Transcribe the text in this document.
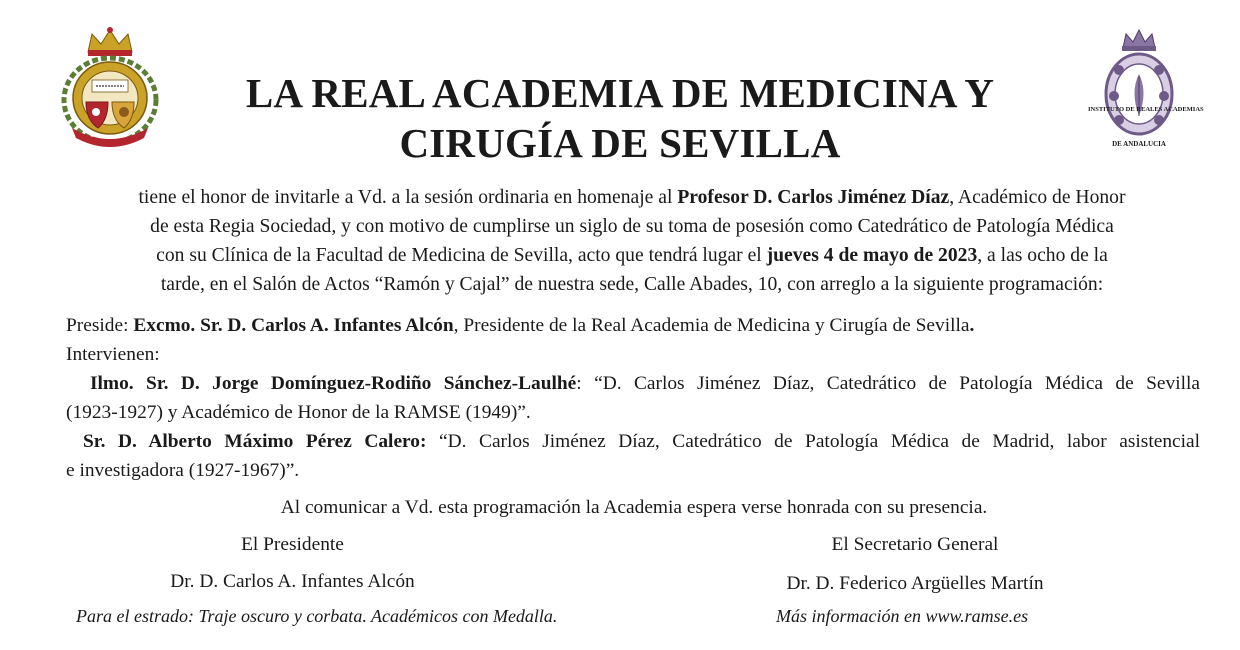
LA REAL ACADEMIA DE MEDICINA Y
CIRUGÍA DE SEVILLA
INSTITUTO DE REALES ACADEMIAS
DE ANDALUCIA
tiene el honor de invitarle a Vd. a la sesión ordinaria en homenaje al Profesor D. Carlos Jiménez Díaz, Académico de Honor
de esta Regia Sociedad, y con motivo de cumplirse un siglo de su toma de posesión como Catedrático de Patología Médica
con su Clínica de la Facultad de Medicina de Sevilla, acto que tendrá lugar el jueves 4 de mayo de 2023, a las ocho de la
tarde, en el Salón de Actos “Ramón y Cajal” de nuestra sede, Calle Abades, 10, con arreglo a la siguiente programación:
Preside: Excmo. Sr. D. Carlos A. Infantes Alcón, Presidente de la Real Academia de Medicina y Cirugía de Sevilla.
Intervienen:
Ilmo. Sr. D. Jorge Domínguez-Rodiño Sánchez-Laulhé: “D. Carlos Jiménez Díaz, Catedrático de Patología Médica de Sevilla
(1923-1927) y Académico de Honor de la RAMSE (1949)”.
Sr. D. Alberto Máximo Pérez Calero: “D. Carlos Jiménez Díaz, Catedrático de Patología Médica de Madrid, labor asistencial
e investigadora (1927-1967)”.
Al comunicar a Vd. esta programación la Academia espera verse honrada con su presencia.
El Presidente
Dr. D. Carlos A. Infantes Alcón
El Secretario General
Dr. D. Federico Argüelles Martín
Para el estrado: Traje oscuro y corbata. Académicos con Medalla.	Más información en www.ramse.es
